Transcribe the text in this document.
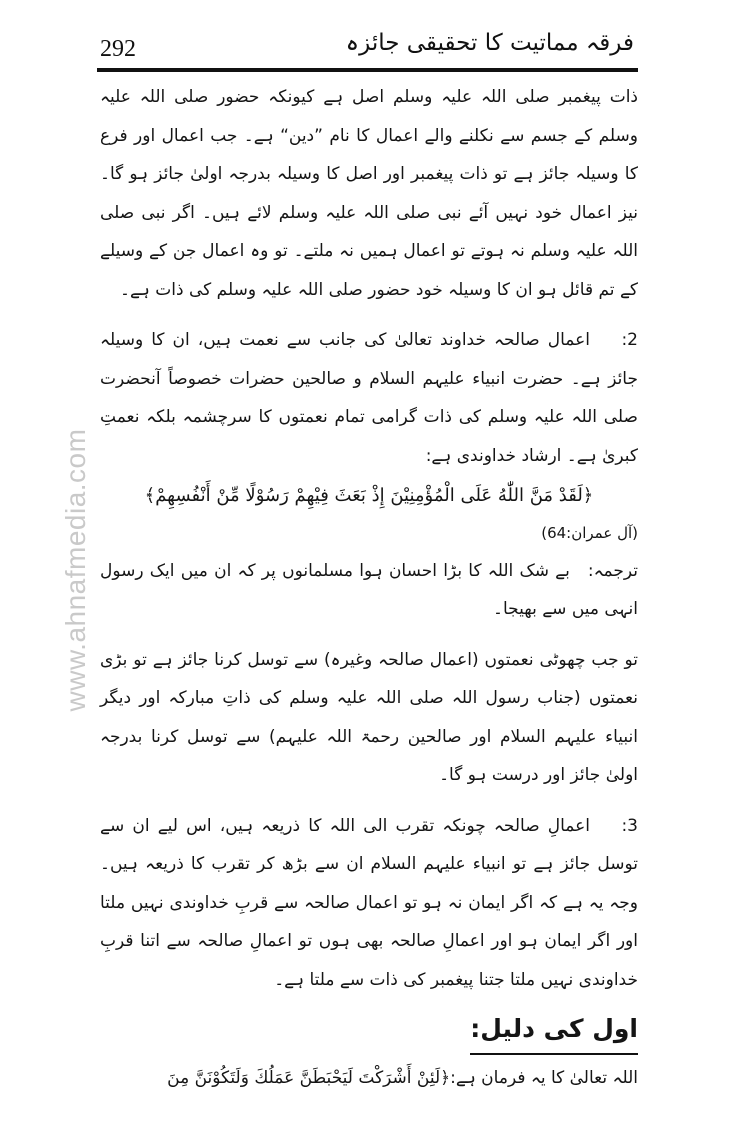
www.ahnafmedia.com
292	فرقہ مماتیت کا تحقیقی جائزہ

ذات پیغمبر صلی اللہ علیہ وسلم اصل ہے کیونکہ حضور صلی اللہ علیہ وسلم کے جسم سے نکلنے والے اعمال کا نام ”دین“ ہے۔ جب اعمال اور فرع کا وسیلہ جائز ہے تو ذات پیغمبر اور اصل کا وسیلہ بدرجہ اولیٰ جائز ہو گا۔ نیز اعمال خود نہیں آئے نبی صلی اللہ علیہ وسلم لائے ہیں۔ اگر نبی صلی اللہ علیہ وسلم نہ ہوتے تو اعمال ہمیں نہ ملتے۔ تو وہ اعمال جن کے وسیلے کے تم قائل ہو ان کا وسیلہ خود حضور صلی اللہ علیہ وسلم کی ذات ہے۔

2:اعمال صالحہ خداوند تعالیٰ کی جانب سے نعمت ہیں، ان کا وسیلہ جائز ہے۔ حضرت انبیاء علیہم السلام و صالحین حضرات خصوصاً آنحضرت صلی اللہ علیہ وسلم کی ذات گرامی تمام نعمتوں کا سرچشمہ بلکہ نعمتِ کبریٰ ہے۔ ارشاد خداوندی ہے:

﴿لَقَدْ مَنَّ اللّٰهُ عَلَى الْمُؤْمِنِيْنَ إِذْ بَعَثَ فِيْهِمْ رَسُوْلًا مِّنْ أَنْفُسِهِمْ﴾

(آل عمران:64)

ترجمہ:بے شک اللہ کا بڑا احسان ہوا مسلمانوں پر کہ ان میں ایک رسول انہی میں سے بھیجا۔

تو جب چھوٹی نعمتوں (اعمال صالحہ وغیرہ) سے توسل کرنا جائز ہے تو بڑی نعمتوں (جناب رسول اللہ صلی اللہ علیہ وسلم کی ذاتِ مبارکہ اور دیگر انبیاء علیہم السلام اور صالحین رحمۃ اللہ علیہم) سے توسل کرنا بدرجہ اولیٰ جائز اور درست ہو گا۔

3:اعمالِ صالحہ چونکہ تقرب الی اللہ کا ذریعہ ہیں، اس لیے ان سے توسل جائز ہے تو انبیاء علیہم السلام ان سے بڑھ کر تقرب کا ذریعہ ہیں۔ وجہ یہ ہے کہ اگر ایمان نہ ہو تو اعمال صالحہ سے قربِ خداوندی نہیں ملتا اور اگر ایمان ہو اور اعمالِ صالحہ بھی ہوں تو اعمالِ صالحہ سے اتنا قربِ خداوندی نہیں ملتا جتنا پیغمبر کی ذات سے ملتا ہے۔

اول کی دلیل:

اللہ تعالیٰ کا یہ فرمان ہے:﴿لَئِنْ أَشْرَكْتَ لَيَحْبَطَنَّ عَمَلُكَ وَلَتَكُوْنَنَّ مِنَ
